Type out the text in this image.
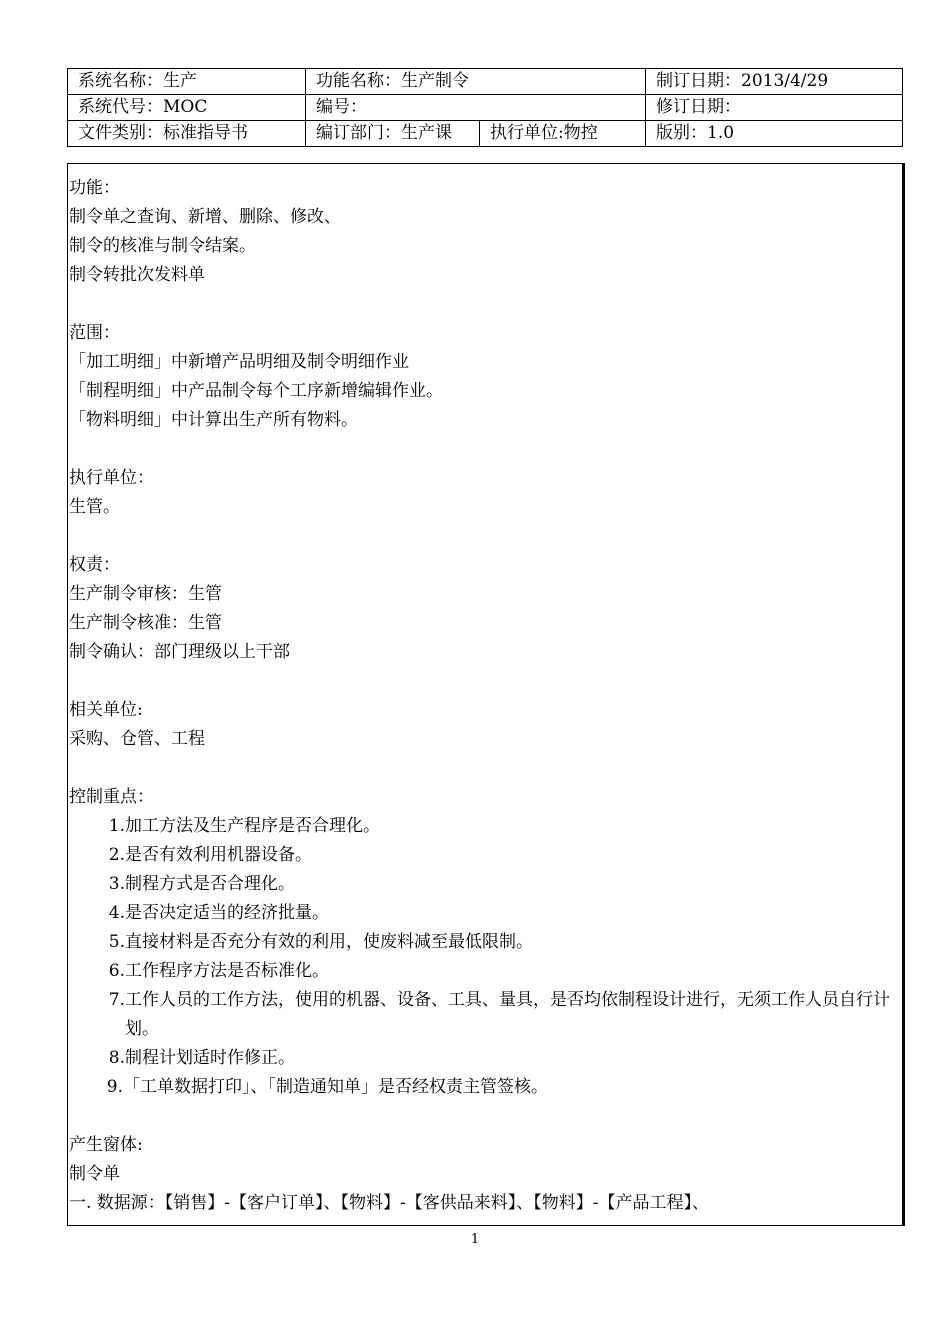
系统名称：生产	功能名称：生产制令		制订日期：2013/4/29
系统代号：MOC	编号：		修订日期：
文件类别：标准指导书	编订部门：生产课	执行单位:物控	版别：1.0
功能：
制令单之查询、新增、删除、修改、
制令的核准与制令结案。
制令转批次发料单
范围：
「加工明细」中新增产品明细及制令明细作业
「制程明细」中产品制令每个工序新增编辑作业。
「物料明细」中计算出生产所有物料。
执行单位：
生管。
权责：
生产制令审核：生管
生产制令核准：生管
制令确认：部门理级以上干部
相关单位:
采购、仓管、工程
控制重点：
1. 加工方法及生产程序是否合理化。
2. 是否有效利用机器设备。
3. 制程方式是否合理化。
4. 是否决定适当的经济批量。
5. 直接材料是否充分有效的利用，使废料减至最低限制。
6. 工作程序方法是否标准化。
7. 工作人员的工作方法，使用的机器、设备、工具、量具，是否均依制程设计进行，无须工作人员自行计划。
8. 制程计划适时作修正。
9. 「工单数据打印」、「制造通知单」是否经权责主管签核。
产生窗体:
制令单
一. 数据源：【销售】-【客户订单】、【物料】-【客供品来料】、【物料】-【产品工程】、
1
